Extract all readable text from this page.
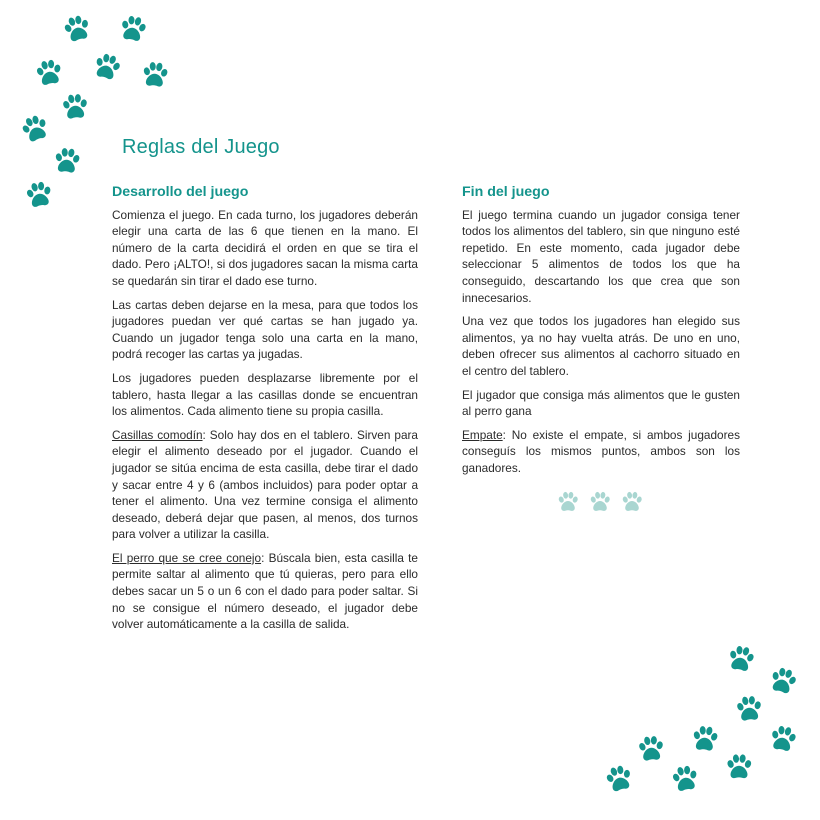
Reglas del Juego
Desarrollo del juego

Comienza el juego. En cada turno, los jugadores deberán elegir una carta de las 6 que tienen en la mano. El número de la carta decidirá el orden en que se tira el dado. Pero ¡ALTO!, si dos jugadores sacan la misma carta se quedarán sin tirar el dado ese turno.

Las cartas deben dejarse en la mesa, para que todos los jugadores puedan ver qué cartas se han jugado ya. Cuando un jugador tenga solo una carta en la mano, podrá recoger las cartas ya jugadas.

Los jugadores pueden desplazarse libremente por el tablero, hasta llegar a las casillas donde se encuentran los alimentos. Cada alimento tiene su propia casilla.

Casillas comodín: Solo hay dos en el tablero. Sirven para elegir el alimento deseado por el jugador. Cuando el jugador se sitúa encima de esta casilla, debe tirar el dado y sacar entre 4 y 6 (ambos incluidos) para poder optar a tener el alimento. Una vez termine consiga el alimento deseado, deberá dejar que pasen, al menos, dos turnos para volver a utilizar la casilla.

El perro que se cree conejo: Búscala bien, esta casilla te permite saltar al alimento que tú quieras, pero para ello debes sacar un 5 o un 6 con el dado para poder saltar. Si no se consigue el número deseado, el jugador debe volver automáticamente a la casilla de salida.

Fin del juego

El juego termina cuando un jugador consiga tener todos los alimentos del tablero, sin que ninguno esté repetido. En este momento, cada jugador debe seleccionar 5 alimentos de todos los que ha conseguido, descartando los que crea que son innecesarios.

Una vez que todos los jugadores han elegido sus alimentos, ya no hay vuelta atrás. De uno en uno, deben ofrecer sus alimentos al cachorro situado en el centro del tablero.

El jugador que consiga más alimentos que le gusten al perro gana

Empate: No existe el empate, si ambos jugadores conseguís los mismos puntos, ambos son los ganadores.
